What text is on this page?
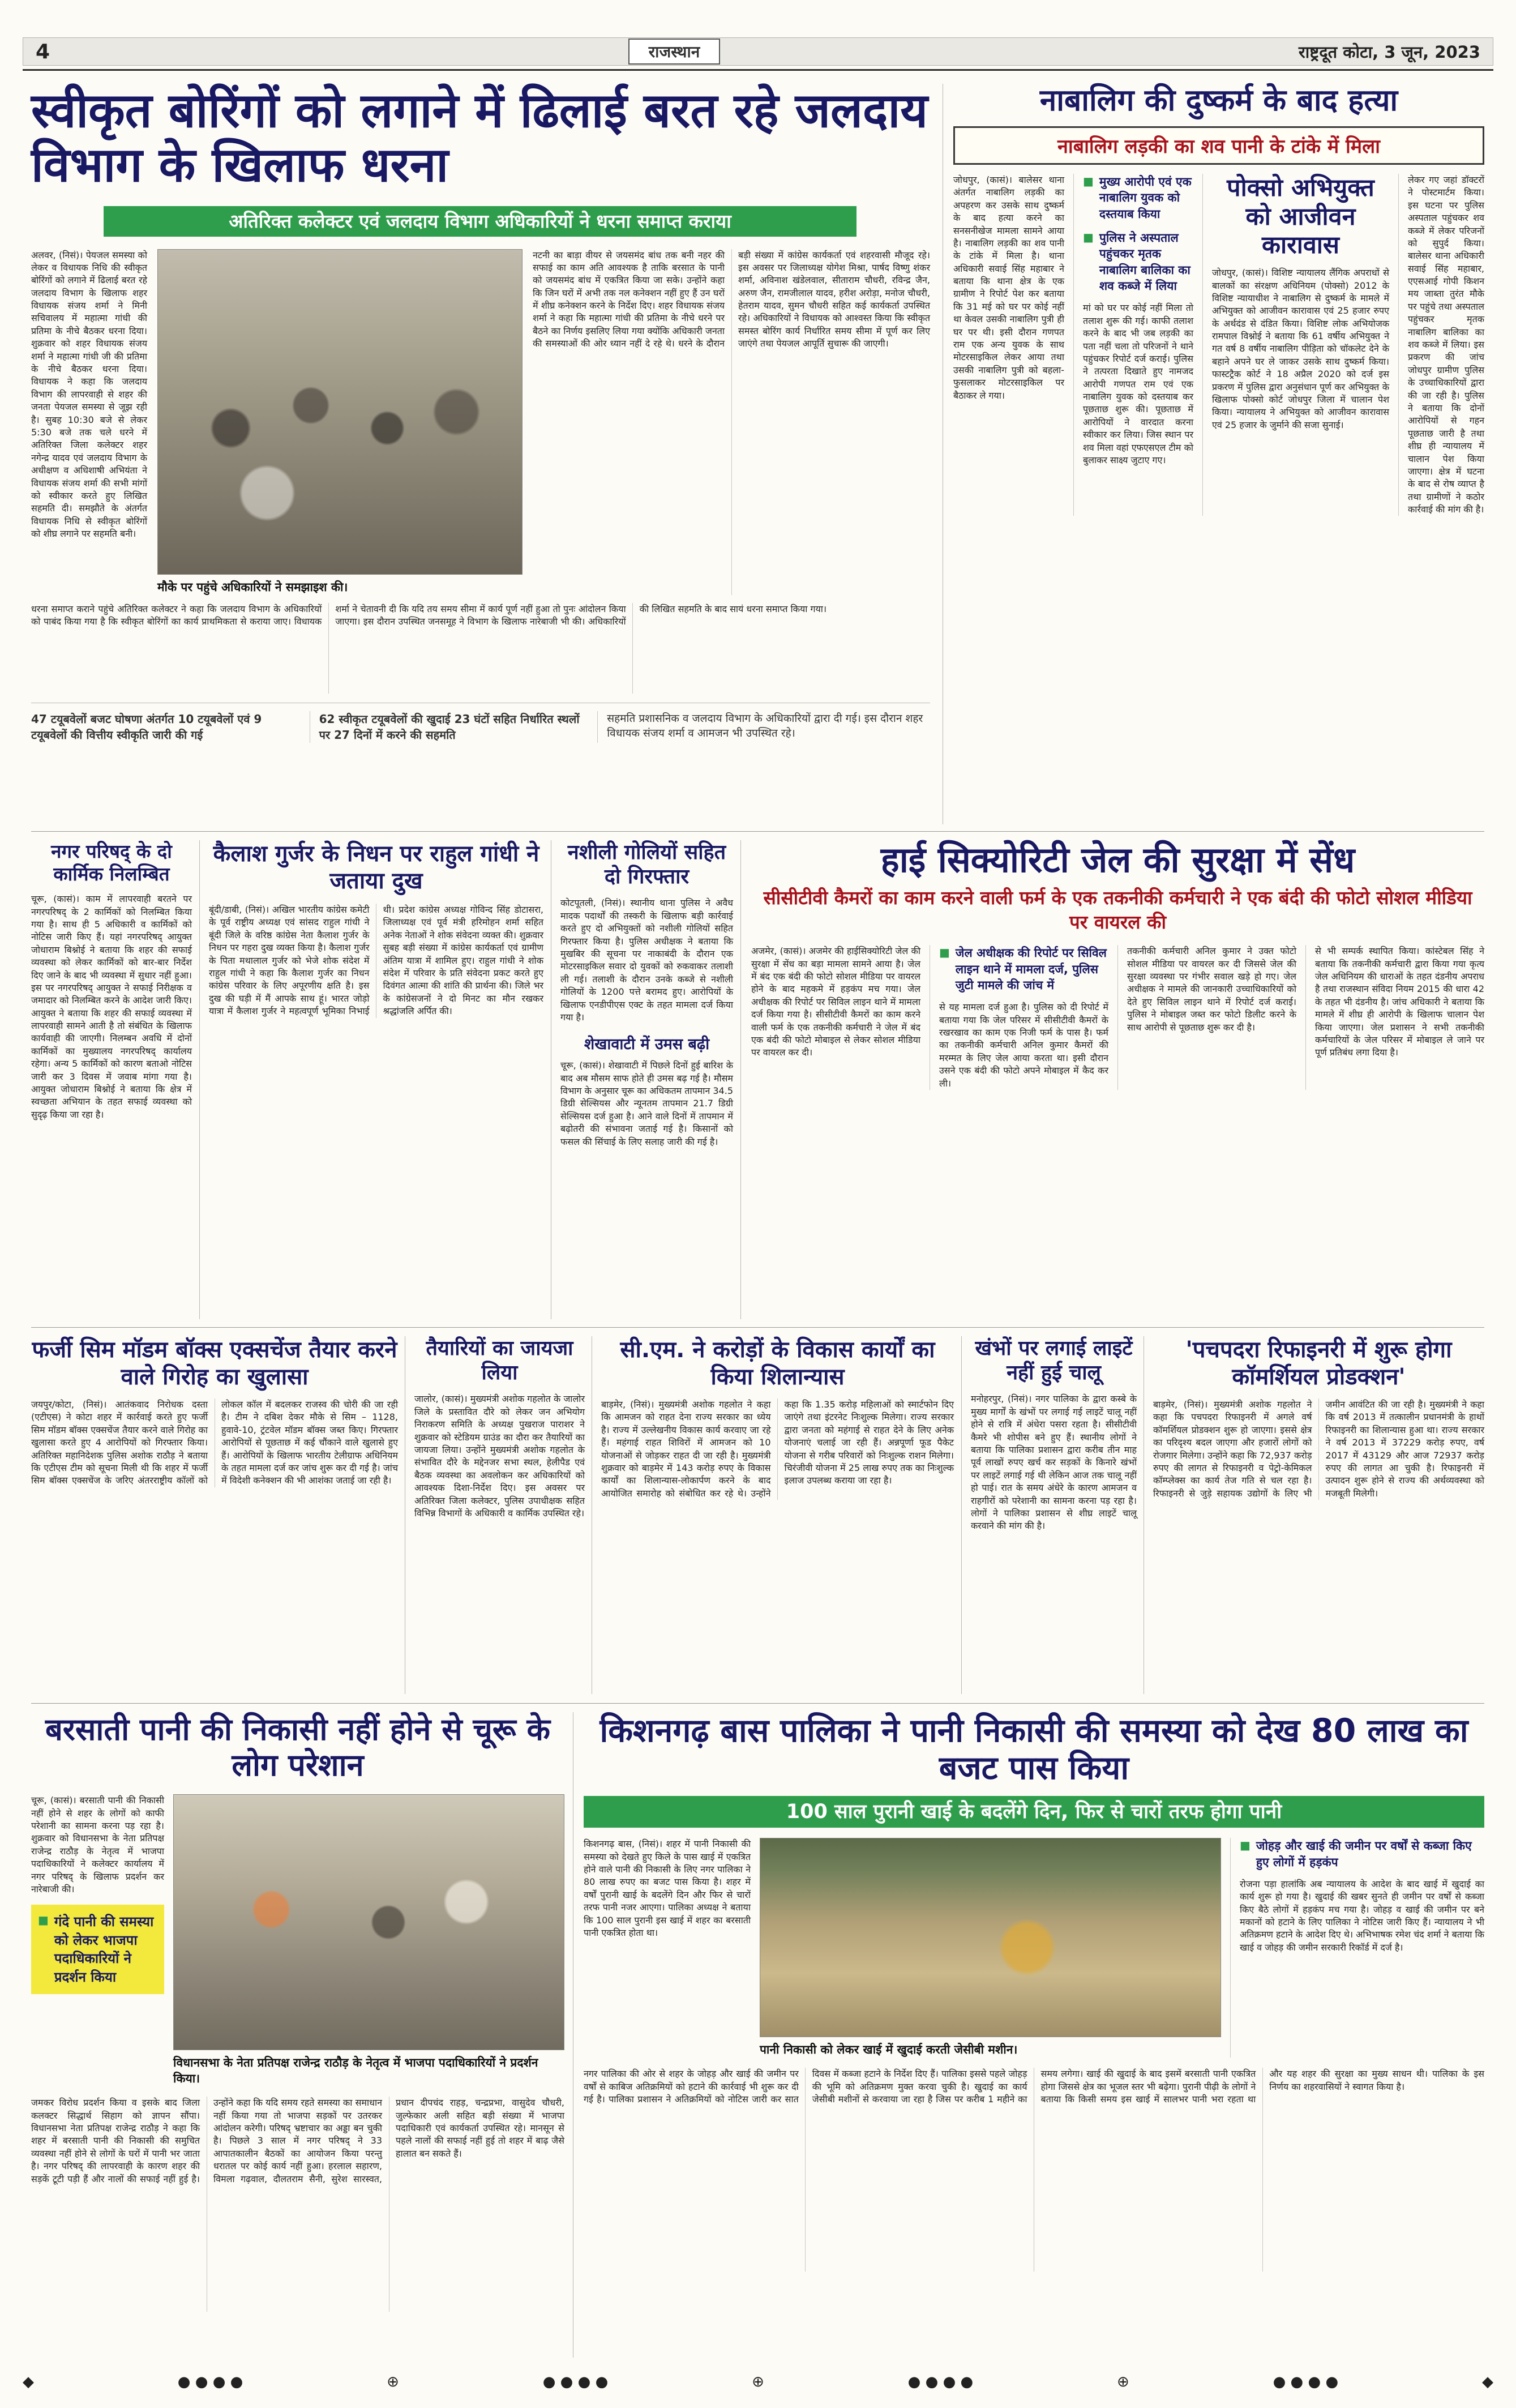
4	राजस्थान	राष्ट्रदूत कोटा, 3 जून, 2023
स्वीकृत बोरिंगों को लगाने में ढिलाई बरत रहे जलदाय विभाग के खिलाफ धरना
अतिरिक्त कलेक्टर एवं जलदाय विभाग अधिकारियों ने धरना समाप्त कराया
अलवर, (निसं)। पेयजल समस्या को लेकर व विधायक निधि की स्वीकृत बोरिंगों को लगाने में ढिलाई बरत रहे जलदाय विभाग के खिलाफ शहर विधायक संजय शर्मा ने मिनी सचिवालय में महात्मा गांधी की प्रतिमा के नीचे बैठकर धरना दिया। शुक्रवार को शहर विधायक संजय शर्मा ने महात्मा गांधी जी की प्रतिमा के नीचे बैठकर धरना दिया। विधायक ने कहा कि जलदाय विभाग की लापरवाही से शहर की जनता पेयजल समस्या से जूझ रही है। सुबह 10:30 बजे से लेकर 5:30 बजे तक चले धरने में अतिरिक्त जिला कलेक्टर शहर नगेन्द्र यादव एवं जलदाय विभाग के अधीक्षण व अधिशाषी अभियंता ने विधायक संजय शर्मा की सभी मांगों को स्वीकार करते हुए लिखित सहमति दी। समझौते के अंतर्गत विधायक निधि से स्वीकृत बोरिंगों को शीघ्र लगाने पर सहमति बनी।
मौके पर पहुंचे अधिकारियों ने समझाइश की।
नटनी का बाड़ा वीयर से जयसमंद बांध तक बनी नहर की सफाई का काम अति आवश्यक है ताकि बरसात के पानी को जयसमंद बांध में एकत्रित किया जा सके। उन्होंने कहा कि जिन घरों में अभी तक नल कनेक्शन नहीं हुए हैं उन घरों में शीघ्र कनेक्शन करने के निर्देश दिए। शहर विधायक संजय शर्मा ने कहा कि महात्मा गांधी की प्रतिमा के नीचे धरने पर बैठने का निर्णय इसलिए लिया गया क्योंकि अधिकारी जनता की समस्याओं की ओर ध्यान नहीं दे रहे थे। धरने के दौरान बड़ी संख्या में कांग्रेस कार्यकर्ता एवं शहरवासी मौजूद रहे। इस अवसर पर जिलाध्यक्ष योगेश मिश्रा, पार्षद विष्णु शंकर शर्मा, अविनाश खंडेलवाल, सीताराम चौधरी, रविन्द्र जैन, अरुण जैन, रामजीलाल यादव, हरीश अरोड़ा, मनोज चौधरी, हेतराम यादव, सुमन चौधरी सहित कई कार्यकर्ता उपस्थित रहे। अधिकारियों ने विधायक को आश्वस्त किया कि स्वीकृत समस्त बोरिंग कार्य निर्धारित समय सीमा में पूर्ण कर लिए जाएंगे तथा पेयजल आपूर्ति सुचारू की जाएगी।
धरना समाप्त कराने पहुंचे अतिरिक्त कलेक्टर ने कहा कि जलदाय विभाग के अधिकारियों को पाबंद किया गया है कि स्वीकृत बोरिंगों का कार्य प्राथमिकता से कराया जाए। विधायक शर्मा ने चेतावनी दी कि यदि तय समय सीमा में कार्य पूर्ण नहीं हुआ तो पुनः आंदोलन किया जाएगा। इस दौरान उपस्थित जनसमूह ने विभाग के खिलाफ नारेबाजी भी की। अधिकारियों की लिखित सहमति के बाद सायं धरना समाप्त किया गया।
47 टयूबवेलों बजट घोषणा अंतर्गत 10 टयूबवेलों एवं 9 टयूबवेलों की वित्तीय स्वीकृति जारी की गई
62 स्वीकृत टयूबवेलों की खुदाई 23 घंटों सहित निर्धारित स्थलों पर 27 दिनों में करने की सहमति
सहमति प्रशासनिक व जलदाय विभाग के अधिकारियों द्वारा दी गई। इस दौरान शहर विधायक संजय शर्मा व आमजन भी उपस्थित रहे।
नाबालिग की दुष्कर्म के बाद हत्या
नाबालिग लड़की का शव पानी के टांके में मिला
जोधपुर, (कासं)। बालेसर थाना अंतर्गत नाबालिग लड़की का अपहरण कर उसके साथ दुष्कर्म के बाद हत्या करने का सनसनीखेज मामला सामने आया है। नाबालिग लड़की का शव पानी के टांके में मिला है। थाना अधिकारी सवाई सिंह महाबार ने बताया कि थाना क्षेत्र के एक ग्रामीण ने रिपोर्ट पेश कर बताया कि 31 मई को घर पर कोई नहीं था केवल उसकी नाबालिग पुत्री ही घर पर थी। इसी दौरान गणपत राम एक अन्य युवक के साथ मोटरसाइकिल लेकर आया तथा उसकी नाबालिग पुत्री को बहला-फुसलाकर मोटरसाइकिल पर बैठाकर ले गया।
■ मुख्य आरोपी एवं एक नाबालिग युवक को दस्तयाब किया
■ पुलिस ने अस्पताल पहुंचकर मृतक नाबालिग बालिका का शव कब्जे में लिया
मां को घर पर कोई नहीं मिला तो तलाश शुरू की गई। काफी तलाश करने के बाद भी जब लड़की का पता नहीं चला तो परिजनों ने थाने पहुंचकर रिपोर्ट दर्ज कराई। पुलिस ने तत्परता दिखाते हुए नामजद आरोपी गणपत राम एवं एक नाबालिग युवक को दस्तयाब कर पूछताछ शुरू की। पूछताछ में आरोपियों ने वारदात करना स्वीकार कर लिया। जिस स्थान पर शव मिला वहां एफएसएल टीम को बुलाकर साक्ष्य जुटाए गए।
पोक्सो अभियुक्त को आजीवन कारावास
जोधपुर, (कासं)। विशिष्ट न्यायालय लैंगिक अपराधों से बालकों का संरक्षण अधिनियम (पोक्सो) 2012 के विशिष्ट न्यायाधीश ने नाबालिग से दुष्कर्म के मामले में अभियुक्त को आजीवन कारावास एवं 25 हजार रुपए के अर्थदंड से दंडित किया। विशिष्ट लोक अभियोजक रामपाल विश्नोई ने बताया कि 61 वर्षीय अभियुक्त ने गत वर्ष 8 वर्षीय नाबालिग पीड़िता को चॉकलेट देने के बहाने अपने घर ले जाकर उसके साथ दुष्कर्म किया। फास्टट्रैक कोर्ट ने 18 अप्रैल 2020 को दर्ज इस प्रकरण में पुलिस द्वारा अनुसंधान पूर्ण कर अभियुक्त के खिलाफ पोक्सो कोर्ट जोधपुर जिला में चालान पेश किया। न्यायालय ने अभियुक्त को आजीवन कारावास एवं 25 हजार के जुर्माने की सजा सुनाई।
लेकर गए जहां डॉक्टरों ने पोस्टमार्टम किया। इस घटना पर पुलिस अस्पताल पहुंचकर शव कब्जे में लेकर परिजनों को सुपुर्द किया। बालेसर थाना अधिकारी सवाई सिंह महाबार, एएसआई गोपी किशन मय जाब्ता तुरंत मौके पर पहुंचे तथा अस्पताल पहुंचकर मृतक नाबालिग बालिका का शव कब्जे में लिया। इस प्रकरण की जांच जोधपुर ग्रामीण पुलिस के उच्चाधिकारियों द्वारा की जा रही है। पुलिस ने बताया कि दोनों आरोपियों से गहन पूछताछ जारी है तथा शीघ्र ही न्यायालय में चालान पेश किया जाएगा। क्षेत्र में घटना के बाद से रोष व्याप्त है तथा ग्रामीणों ने कठोर कार्रवाई की मांग की है।
नगर परिषद् के दो कार्मिक निलम्बित
चूरू, (कासं)। काम में लापरवाही बरतने पर नगरपरिषद् के 2 कार्मिकों को निलम्बित किया गया है। साथ ही 5 अधिकारी व कार्मिकों को नोटिस जारी किए हैं। यहां नगरपरिषद् आयुक्त जोधाराम बिश्नोई ने बताया कि शहर की सफाई व्यवस्था को लेकर कार्मिकों को बार-बार निर्देश दिए जाने के बाद भी व्यवस्था में सुधार नहीं हुआ। इस पर नगरपरिषद् आयुक्त ने सफाई निरीक्षक व जमादार को निलम्बित करने के आदेश जारी किए। आयुक्त ने बताया कि शहर की सफाई व्यवस्था में लापरवाही सामने आती है तो संबंधित के खिलाफ कार्यवाही की जाएगी। निलम्बन अवधि में दोनों कार्मिकों का मुख्यालय नगरपरिषद् कार्यालय रहेगा। अन्य 5 कार्मिकों को कारण बताओ नोटिस जारी कर 3 दिवस में जवाब मांगा गया है। आयुक्त जोधाराम बिश्नोई ने बताया कि क्षेत्र में स्वच्छता अभियान के तहत सफाई व्यवस्था को सुदृढ़ किया जा रहा है।
कैलाश गुर्जर के निधन पर राहुल गांधी ने जताया दुख
बूंदी/डाबी, (निसं)। अखिल भारतीय कांग्रेस कमेटी के पूर्व राष्ट्रीय अध्यक्ष एवं सांसद राहुल गांधी ने बूंदी जिले के वरिष्ठ कांग्रेस नेता कैलाश गुर्जर के निधन पर गहरा दुख व्यक्त किया है। कैलाश गुर्जर के पिता मथालाल गुर्जर को भेजे शोक संदेश में राहुल गांधी ने कहा कि कैलाश गुर्जर का निधन कांग्रेस परिवार के लिए अपूरणीय क्षति है। इस दुख की घड़ी में मैं आपके साथ हूं। भारत जोड़ो यात्रा में कैलाश गुर्जर ने महत्वपूर्ण भूमिका निभाई थी। प्रदेश कांग्रेस अध्यक्ष गोविन्द सिंह डोटासरा, जिलाध्यक्ष एवं पूर्व मंत्री हरिमोहन शर्मा सहित अनेक नेताओं ने शोक संवेदना व्यक्त की। शुक्रवार सुबह बड़ी संख्या में कांग्रेस कार्यकर्ता एवं ग्रामीण अंतिम यात्रा में शामिल हुए। राहुल गांधी ने शोक संदेश में परिवार के प्रति संवेदना प्रकट करते हुए दिवंगत आत्मा की शांति की प्रार्थना की। जिले भर के कांग्रेसजनों ने दो मिनट का मौन रखकर श्रद्धांजलि अर्पित की।
नशीली गोलियों सहित दो गिरफ्तार
कोटपूतली, (निसं)। स्थानीय थाना पुलिस ने अवैध मादक पदार्थों की तस्करी के खिलाफ बड़ी कार्रवाई करते हुए दो अभियुक्तों को नशीली गोलियों सहित गिरफ्तार किया है। पुलिस अधीक्षक ने बताया कि मुखबिर की सूचना पर नाकाबंदी के दौरान एक मोटरसाइकिल सवार दो युवकों को रुकवाकर तलाशी ली गई। तलाशी के दौरान उनके कब्जे से नशीली गोलियों के 1200 पत्ते बरामद हुए। आरोपियों के खिलाफ एनडीपीएस एक्ट के तहत मामला दर्ज किया गया है।
शेखावाटी में उमस बढ़ी
चूरू, (कासं)। शेखावाटी में पिछले दिनों हुई बारिश के बाद अब मौसम साफ होते ही उमस बढ़ गई है। मौसम विभाग के अनुसार चूरू का अधिकतम तापमान 34.5 डिग्री सेल्सियस और न्यूनतम तापमान 21.7 डिग्री सेल्सियस दर्ज हुआ है। आने वाले दिनों में तापमान में बढ़ोतरी की संभावना जताई गई है। किसानों को फसल की सिंचाई के लिए सलाह जारी की गई है।
हाई सिक्योरिटी जेल की सुरक्षा में सेंध
सीसीटीवी कैमरों का काम करने वाली फर्म के एक तकनीकी कर्मचारी ने एक बंदी की फोटो सोशल मीडिया पर वायरल की
अजमेर, (कासं)। अजमेर की हाईसिक्योरिटी जेल की सुरक्षा में सेंध का बड़ा मामला सामने आया है। जेल में बंद एक बंदी की फोटो सोशल मीडिया पर वायरल होने के बाद महकमे में हड़कंप मच गया। जेल अधीक्षक की रिपोर्ट पर सिविल लाइन थाने में मामला दर्ज किया गया है। सीसीटीवी कैमरों का काम करने वाली फर्म के एक तकनीकी कर्मचारी ने जेल में बंद एक बंदी की फोटो मोबाइल से लेकर सोशल मीडिया पर वायरल कर दी।
■ जेल अधीक्षक की रिपोर्ट पर सिविल लाइन थाने में मामला दर्ज, पुलिस जुटी मामले की जांच में
से यह मामला दर्ज हुआ है। पुलिस को दी रिपोर्ट में बताया गया कि जेल परिसर में सीसीटीवी कैमरों के रखरखाव का काम एक निजी फर्म के पास है। फर्म का तकनीकी कर्मचारी अनिल कुमार कैमरों की मरम्मत के लिए जेल आया करता था। इसी दौरान उसने एक बंदी की फोटो अपने मोबाइल में कैद कर ली।
तकनीकी कर्मचारी अनिल कुमार ने उक्त फोटो सोशल मीडिया पर वायरल कर दी जिससे जेल की सुरक्षा व्यवस्था पर गंभीर सवाल खड़े हो गए। जेल अधीक्षक ने मामले की जानकारी उच्चाधिकारियों को देते हुए सिविल लाइन थाने में रिपोर्ट दर्ज कराई। पुलिस ने मोबाइल जब्त कर फोटो डिलीट करने के साथ आरोपी से पूछताछ शुरू कर दी है।
से भी सम्पर्क स्थापित किया। कांस्टेबल सिंह ने बताया कि तकनीकी कर्मचारी द्वारा किया गया कृत्य जेल अधिनियम की धाराओं के तहत दंडनीय अपराध है तथा राजस्थान संविदा नियम 2015 की धारा 42 के तहत भी दंडनीय है। जांच अधिकारी ने बताया कि मामले में शीघ्र ही आरोपी के खिलाफ चालान पेश किया जाएगा। जेल प्रशासन ने सभी तकनीकी कर्मचारियों के जेल परिसर में मोबाइल ले जाने पर पूर्ण प्रतिबंध लगा दिया है।
फर्जी सिम मॉडम बॉक्स एक्सचेंज तैयार करने वाले गिरोह का खुलासा
जयपुर/कोटा, (निसं)। आतंकवाद निरोधक दस्ता (एटीएस) ने कोटा शहर में कार्रवाई करते हुए फर्जी सिम मॉडम बॉक्स एक्सचेंज तैयार करने वाले गिरोह का खुलासा करते हुए 4 आरोपियों को गिरफ्तार किया। अतिरिक्त महानिदेशक पुलिस अशोक राठौड़ ने बताया कि एटीएस टीम को सूचना मिली थी कि शहर में फर्जी सिम बॉक्स एक्सचेंज के जरिए अंतरराष्ट्रीय कॉलों को लोकल कॉल में बदलकर राजस्व की चोरी की जा रही है। टीम ने दबिश देकर मौके से सिम – 1128, हुवावे-10, ट्रंटवेल मॉडम बॉक्स जब्त किए। गिरफ्तार आरोपियों से पूछताछ में कई चौंकाने वाले खुलासे हुए हैं। आरोपियों के खिलाफ भारतीय टेलीग्राफ अधिनियम के तहत मामला दर्ज कर जांच शुरू कर दी गई है। जांच में विदेशी कनेक्शन की भी आशंका जताई जा रही है।
तैयारियों का जायजा लिया
जालोर, (कासं)। मुख्यमंत्री अशोक गहलोत के जालोर जिले के प्रस्तावित दौरे को लेकर जन अभियोग निराकरण समिति के अध्यक्ष पुखराज पाराशर ने शुक्रवार को स्टेडियम ग्राउंड का दौरा कर तैयारियों का जायजा लिया। उन्होंने मुख्यमंत्री अशोक गहलोत के संभावित दौरे के मद्देनजर सभा स्थल, हेलीपैड एवं बैठक व्यवस्था का अवलोकन कर अधिकारियों को आवश्यक दिशा-निर्देश दिए। इस अवसर पर अतिरिक्त जिला कलेक्टर, पुलिस उपाधीक्षक सहित विभिन्न विभागों के अधिकारी व कार्मिक उपस्थित रहे।
सी.एम. ने करोड़ों के विकास कार्यों का किया शिलान्यास
बाड़मेर, (निसं)। मुख्यमंत्री अशोक गहलोत ने कहा कि आमजन को राहत देना राज्य सरकार का ध्येय है। राज्य में उल्लेखनीय विकास कार्य करवाए जा रहे हैं। महंगाई राहत शिविरों में आमजन को 10 योजनाओं से जोड़कर राहत दी जा रही है। मुख्यमंत्री शुक्रवार को बाड़मेर में 143 करोड़ रुपए के विकास कार्यों का शिलान्यास-लोकार्पण करने के बाद आयोजित समारोह को संबोधित कर रहे थे। उन्होंने कहा कि 1.35 करोड़ महिलाओं को स्मार्टफोन दिए जाएंगे तथा इंटरनेट निःशुल्क मिलेगा। राज्य सरकार द्वारा जनता को महंगाई से राहत देने के लिए अनेक योजनाएं चलाई जा रही हैं। अन्नपूर्णा फूड पैकेट योजना से गरीब परिवारों को निःशुल्क राशन मिलेगा। चिरंजीवी योजना में 25 लाख रुपए तक का निःशुल्क इलाज उपलब्ध कराया जा रहा है।
खंभों पर लगाई लाइटें नहीं हुई चालू
मनोहरपुर, (निसं)। नगर पालिका के द्वारा कस्बे के मुख्य मार्गों के खंभों पर लगाई गई लाइटें चालू नहीं होने से रात्रि में अंधेरा पसरा रहता है। सीसीटीवी कैमरे भी शोपीस बने हुए हैं। स्थानीय लोगों ने बताया कि पालिका प्रशासन द्वारा करीब तीन माह पूर्व लाखों रुपए खर्च कर सड़कों के किनारे खंभों पर लाइटें लगाई गई थी लेकिन आज तक चालू नहीं हो पाई। रात के समय अंधेरे के कारण आमजन व राहगीरों को परेशानी का सामना करना पड़ रहा है। लोगों ने पालिका प्रशासन से शीघ्र लाइटें चालू करवाने की मांग की है।
'पचपदरा रिफाइनरी में शुरू होगा कॉमर्शियल प्रोडक्शन'
बाड़मेर, (निसं)। मुख्यमंत्री अशोक गहलोत ने कहा कि पचपदरा रिफाइनरी में अगले वर्ष कॉमर्शियल प्रोडक्शन शुरू हो जाएगा। इससे क्षेत्र का परिदृश्य बदल जाएगा और हजारों लोगों को रोजगार मिलेगा। उन्होंने कहा कि 72,937 करोड़ रुपए की लागत से रिफाइनरी व पेट्रो-केमिकल कॉम्प्लेक्स का कार्य तेज गति से चल रहा है। रिफाइनरी से जुड़े सहायक उद्योगों के लिए भी जमीन आवंटित की जा रही है। मुख्यमंत्री ने कहा कि वर्ष 2013 में तत्कालीन प्रधानमंत्री के हाथों रिफाइनरी का शिलान्यास हुआ था। राज्य सरकार ने वर्ष 2013 में 37229 करोड़ रुपए, वर्ष 2017 में 43129 और आज 72937 करोड़ रुपए की लागत आ चुकी है। रिफाइनरी में उत्पादन शुरू होने से राज्य की अर्थव्यवस्था को मजबूती मिलेगी।
बरसाती पानी की निकासी नहीं होने से चूरू के लोग परेशान
चूरू, (कासं)। बरसाती पानी की निकासी नहीं होने से शहर के लोगों को काफी परेशानी का सामना करना पड़ रहा है। शुक्रवार को विधानसभा के नेता प्रतिपक्ष राजेन्द्र राठौड़ के नेतृत्व में भाजपा पदाधिकारियों ने कलेक्टर कार्यालय में नगर परिषद् के खिलाफ प्रदर्शन कर नारेबाजी की।
■ गंदे पानी की समस्या को लेकर भाजपा पदाधिकारियों ने प्रदर्शन किया
विधानसभा के नेता प्रतिपक्ष राजेन्द्र राठौड़ के नेतृत्व में भाजपा पदाधिकारियों ने प्रदर्शन किया।
जमकर विरोध प्रदर्शन किया व इसके बाद जिला कलक्टर सिद्धार्थ सिहाग को ज्ञापन सौंपा। विधानसभा नेता प्रतिपक्ष राजेन्द्र राठौड़ ने कहा कि शहर में बरसाती पानी की निकासी की समुचित व्यवस्था नहीं होने से लोगों के घरों में पानी भर जाता है। नगर परिषद् की लापरवाही के कारण शहर की सड़कें टूटी पड़ी हैं और नालों की सफाई नहीं हुई है। उन्होंने कहा कि यदि समय रहते समस्या का समाधान नहीं किया गया तो भाजपा सड़कों पर उतरकर आंदोलन करेगी। परिषद् भ्रष्टाचार का अड्डा बन चुकी है। पिछले 3 साल में नगर परिषद् ने 33 आपातकालीन बैठकों का आयोजन किया परन्तु धरातल पर कोई कार्य नहीं हुआ। हरलाल सहारण, विमला गढ़वाल, दौलतराम सैनी, सुरेश सारस्वत, प्रधान दीपचंद राहड़, चन्द्रप्रभा, वासुदेव चौधरी, जुल्फेकार अली सहित बड़ी संख्या में भाजपा पदाधिकारी एवं कार्यकर्ता उपस्थित रहे। मानसून से पहले नालों की सफाई नहीं हुई तो शहर में बाढ़ जैसे हालात बन सकते हैं।
किशनगढ़ बास पालिका ने पानी निकासी की समस्या को देख 80 लाख का बजट पास किया
100 साल पुरानी खाई के बदलेंगे दिन, फिर से चारों तरफ होगा पानी
किशनगढ़ बास, (निसं)। शहर में पानी निकासी की समस्या को देखते हुए किले के पास खाई में एकत्रित होने वाले पानी की निकासी के लिए नगर पालिका ने 80 लाख रुपए का बजट पास किया है। शहर में वर्षों पुरानी खाई के बदलेंगे दिन और फिर से चारों तरफ पानी नजर आएगा। पालिका अध्यक्ष ने बताया कि 100 साल पुरानी इस खाई में शहर का बरसाती पानी एकत्रित होता था।
पानी निकासी को लेकर खाई में खुदाई करती जेसीबी मशीन।
■ जोहड़ और खाई की जमीन पर वर्षों से कब्जा किए हुए लोगों में हड़कंप
रोजना पड़ा हालांकि अब न्यायालय के आदेश के बाद खाई में खुदाई का कार्य शुरू हो गया है। खुदाई की खबर सुनते ही जमीन पर वर्षों से कब्जा किए बैठे लोगों में हड़कंप मच गया है। जोहड़ व खाई की जमीन पर बने मकानों को हटाने के लिए पालिका ने नोटिस जारी किए हैं। न्यायालय ने भी अतिक्रमण हटाने के आदेश दिए थे। अभिभाषक रमेश चंद शर्मा ने बताया कि खाई व जोहड़ की जमीन सरकारी रिकॉर्ड में दर्ज है।
नगर पालिका की ओर से शहर के जोहड़ और खाई की जमीन पर वर्षों से काबिज अतिक्रमियों को हटाने की कार्रवाई भी शुरू कर दी गई है। पालिका प्रशासन ने अतिक्रमियों को नोटिस जारी कर सात दिवस में कब्जा हटाने के निर्देश दिए हैं। पालिका इससे पहले जोहड़ की भूमि को अतिक्रमण मुक्त करवा चुकी है। खुदाई का कार्य जेसीबी मशीनों से करवाया जा रहा है जिस पर करीब 1 महीने का समय लगेगा। खाई की खुदाई के बाद इसमें बरसाती पानी एकत्रित होगा जिससे क्षेत्र का भूजल स्तर भी बढ़ेगा। पुरानी पीढ़ी के लोगों ने बताया कि किसी समय इस खाई में सालभर पानी भरा रहता था और यह शहर की सुरक्षा का मुख्य साधन थी। पालिका के इस निर्णय का शहरवासियों ने स्वागत किया है।
◆	● ● ● ●	⊕	● ● ● ●	⊕	● ● ● ●	⊕	● ● ● ●	◆
